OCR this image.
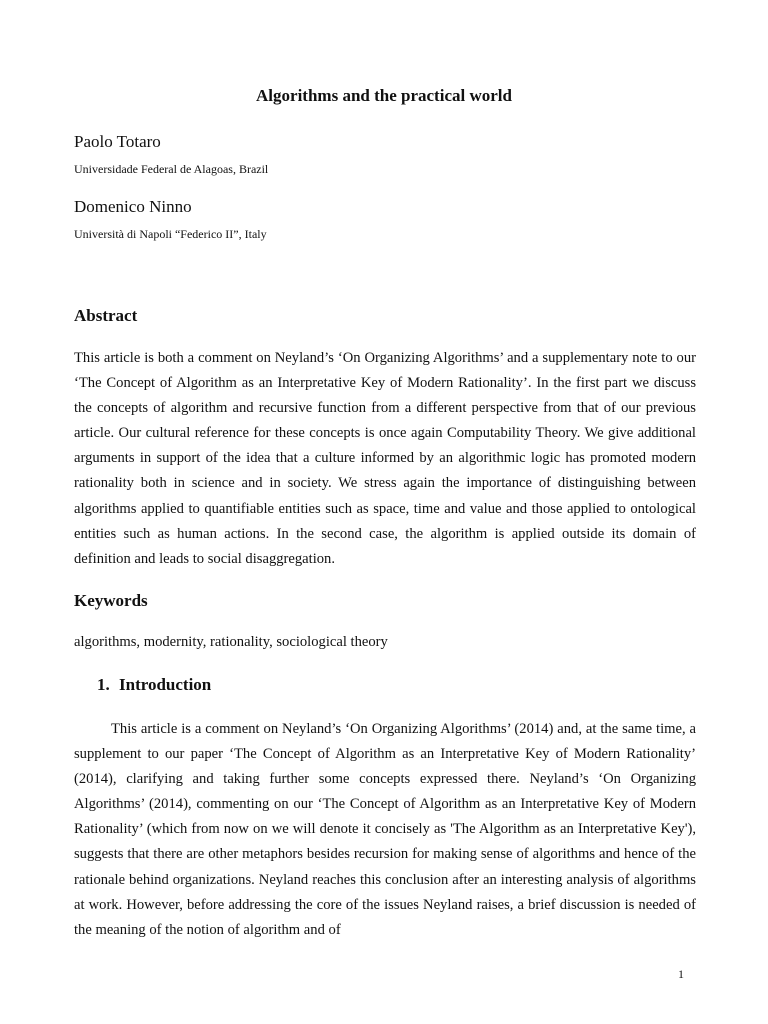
Algorithms and the practical world
Paolo Totaro
Universidade Federal de Alagoas, Brazil
Domenico Ninno
Università di Napoli “Federico II”, Italy
Abstract

This article is both a comment on Neyland’s ‘On Organizing Algorithms’ and a supplementary note to our ‘The Concept of Algorithm as an Interpretative Key of Modern Rationality’. In the first part we discuss the concepts of algorithm and recursive function from a different perspective from that of our previous article. Our cultural reference for these concepts is once again Computability Theory. We give additional arguments in support of the idea that a culture informed by an algorithmic logic has promoted modern rationality both in science and in society. We stress again the importance of distinguishing between algorithms applied to quantifiable entities such as space, time and value and those applied to ontological entities such as human actions. In the second case, the algorithm is applied outside its domain of definition and leads to social disaggregation.

Keywords
algorithms, modernity, rationality, sociological theory
1. Introduction

This article is a comment on Neyland’s ‘On Organizing Algorithms’ (2014) and, at the same time, a supplement to our paper ‘The Concept of Algorithm as an Interpretative Key of Modern Rationality’ (2014), clarifying and taking further some concepts expressed there. Neyland’s ‘On Organizing Algorithms’ (2014), commenting on our ‘The Concept of Algorithm as an Interpretative Key of Modern Rationality’ (which from now on we will denote it concisely as 'The Algorithm as an Interpretative Key'), suggests that there are other metaphors besides recursion for making sense of algorithms and hence of the rationale behind organizations. Neyland reaches this conclusion after an interesting analysis of algorithms at work. However, before addressing the core of the issues Neyland raises, a brief discussion is needed of the meaning of the notion of algorithm and of

1
